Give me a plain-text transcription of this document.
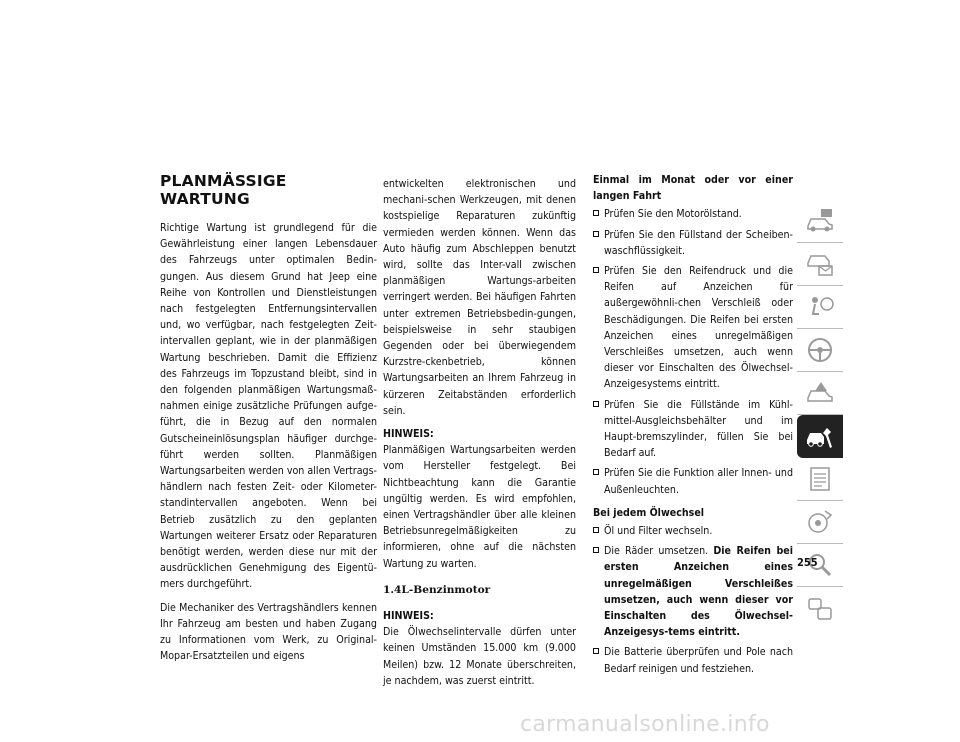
PLANMÄSSIGE WARTUNG

Richtige Wartung ist grundlegend für die Gewährleistung einer langen Lebensdauer des Fahrzeugs unter optimalen Bedin-gungen. Aus diesem Grund hat Jeep eine Reihe von Kontrollen und Dienstleistungen nach festgelegten Entfernungsintervallen und, wo verfügbar, nach festgelegten Zeit-intervallen geplant, wie in der planmäßigen Wartung beschrieben. Damit die Effizienz des Fahrzeugs im Topzustand bleibt, sind in den folgenden planmäßigen Wartungsmaß-nahmen einige zusätzliche Prüfungen aufge-führt, die in Bezug auf den normalen Gutscheineinlösungsplan häufiger durchge-führt werden sollten. Planmäßigen Wartungsarbeiten werden von allen Vertrags-händlern nach festen Zeit- oder Kilometer-standintervallen angeboten. Wenn bei Betrieb zusätzlich zu den geplanten Wartungen weiterer Ersatz oder Reparaturen benötigt werden, werden diese nur mit der ausdrücklichen Genehmigung des Eigentü-mers durchgeführt.

Die Mechaniker des Vertragshändlers kennen Ihr Fahrzeug am besten und haben Zugang zu Informationen vom Werk, zu Original-Mopar-Ersatzteilen und eigens

entwickelten elektronischen und mechani-schen Werkzeugen, mit denen kostspielige Reparaturen zukünftig vermieden werden können. Wenn das Auto häufig zum Abschleppen benutzt wird, sollte das Inter-vall zwischen planmäßigen Wartungs-arbeiten verringert werden. Bei häufigen Fahrten unter extremen Betriebsbedin-gungen, beispielsweise in sehr staubigen Gegenden oder bei überwiegendem Kurzstre-ckenbetrieb, können Wartungsarbeiten an Ihrem Fahrzeug in kürzeren Zeitabständen erforderlich sein.

HINWEIS:

Planmäßigen Wartungsarbeiten werden vom Hersteller festgelegt. Bei Nichtbeachtung kann die Garantie ungültig werden. Es wird empfohlen, einen Vertragshändler über alle kleinen Betriebsunregelmäßigkeiten zu informieren, ohne auf die nächsten Wartung zu warten.

1.4L-Benzinmotor

HINWEIS:

Die Ölwechselintervalle dürfen unter keinen Umständen 15.000 km (9.000 Meilen) bzw. 12 Monate überschreiten, je nachdem, was zuerst eintritt.

Einmal im Monat oder vor einer langen Fahrt

Prüfen Sie den Motorölstand.
Prüfen Sie den Füllstand der Scheiben-waschflüssigkeit.
Prüfen Sie den Reifendruck und die Reifen auf Anzeichen für außergewöhnli-chen Verschleiß oder Beschädigungen. Die Reifen bei ersten Anzeichen eines unregelmäßigen Verschleißes umsetzen, auch wenn dieser vor Einschalten des Ölwechsel-Anzeigesystems eintritt.
Prüfen Sie die Füllstände im Kühl-mittel-Ausgleichsbehälter und im Haupt-bremszylinder, füllen Sie bei Bedarf auf.
Prüfen Sie die Funktion aller Innen- und Außenleuchten.

Bei jedem Ölwechsel

Öl und Filter wechseln.
Die Räder umsetzen. Die Reifen bei ersten Anzeichen eines unregelmäßigen Verschleißes umsetzen, auch wenn dieser vor Einschalten des Ölwechsel-Anzeigesys-tems eintritt.
Die Batterie überprüfen und Pole nach Bedarf reinigen und festziehen.
255
carmanualsonline.info
